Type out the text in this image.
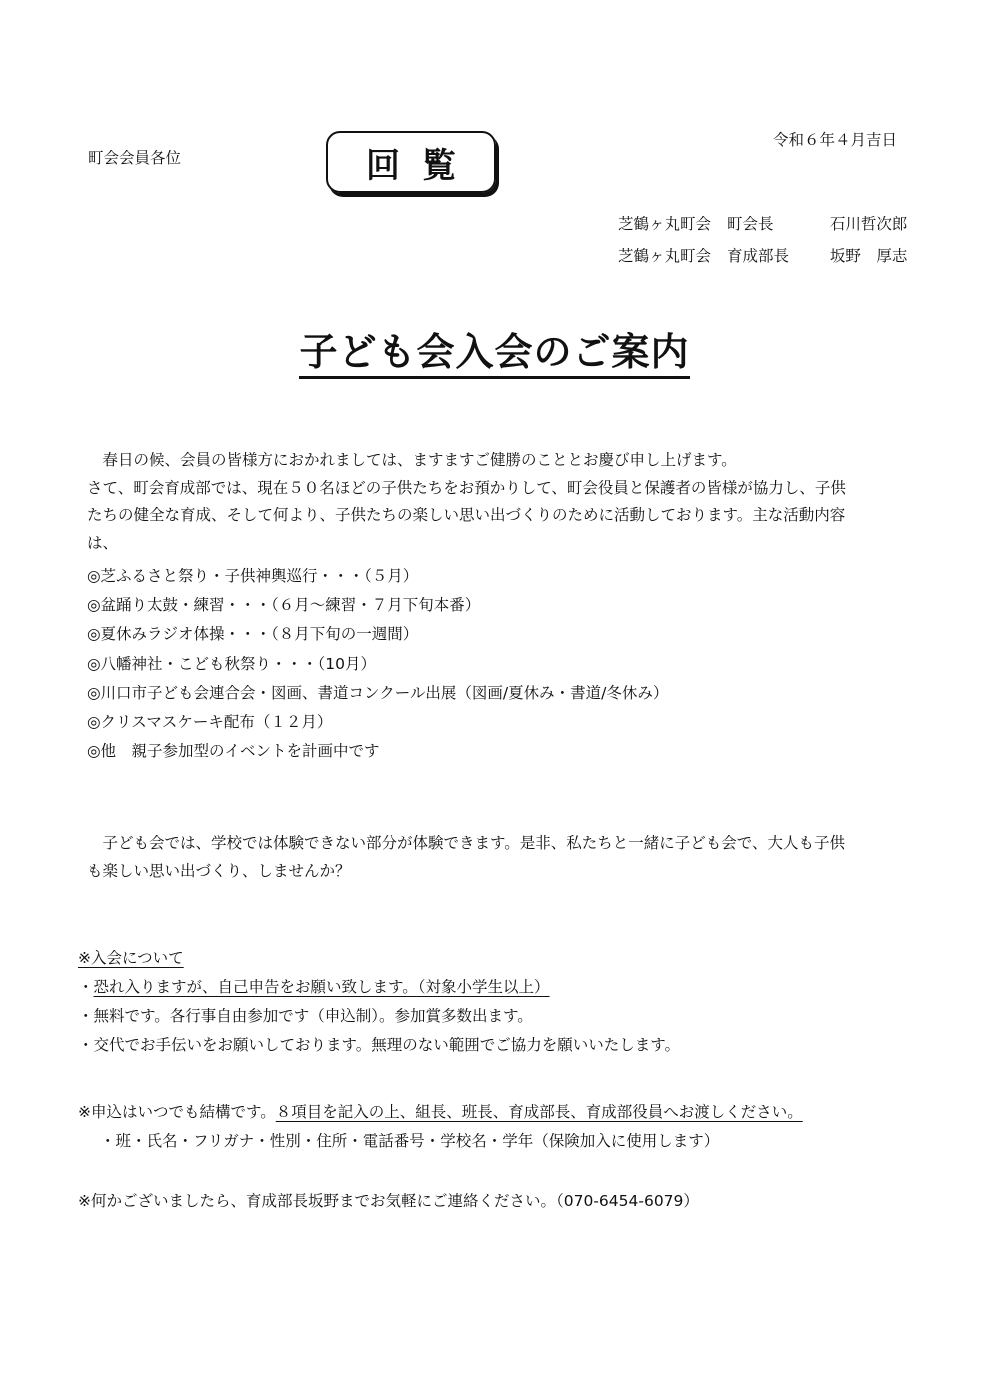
町会会員各位	回覧
令和６年４月吉日
芝鶴ヶ丸町会 町会長	石川哲次郎
芝鶴ヶ丸町会 育成部長	坂野　厚志
子ども会入会のご案内

　春日の候、会員の皆様方におかれましては、ますますご健勝のこととお慶び申し上げます。

さて、町会育成部では、現在５０名ほどの子供たちをお預かりして、町会役員と保護者の皆様が協力し、子供

たちの健全な育成、そして何より、子供たちの楽しい思い出づくりのために活動しております。主な活動内容

は、

◎芝ふるさと祭り・子供神輿巡行・・・（５月）
◎盆踊り太鼓・練習・・・（６月～練習・７月下旬本番）
◎夏休みラジオ体操・・・（８月下旬の一週間）
◎八幡神社・こども秋祭り・・・（10月）
◎川口市子ども会連合会・図画、書道コンクール出展（図画/夏休み・書道/冬休み）
◎クリスマスケーキ配布（１２月）
◎他　親子参加型のイベントを計画中です

　子ども会では、学校では体験できない部分が体験できます。是非、私たちと一緒に子ども会で、大人も子供

も楽しい思い出づくり、しませんか？

※入会について
・恐れ入りますが、自己申告をお願い致します。（対象小学生以上）
・無料です。各行事自由参加です（申込制）。参加賞多数出ます。
・交代でお手伝いをお願いしております。無理のない範囲でご協力を願いいたします。
※申込はいつでも結構です。８項目を記入の上、組長、班長、育成部長、育成部役員へお渡しください。
・班・氏名・フリガナ・性別・住所・電話番号・学校名・学年（保険加入に使用します）
※何かございましたら、育成部長坂野までお気軽にご連絡ください。（070-6454-6079）
